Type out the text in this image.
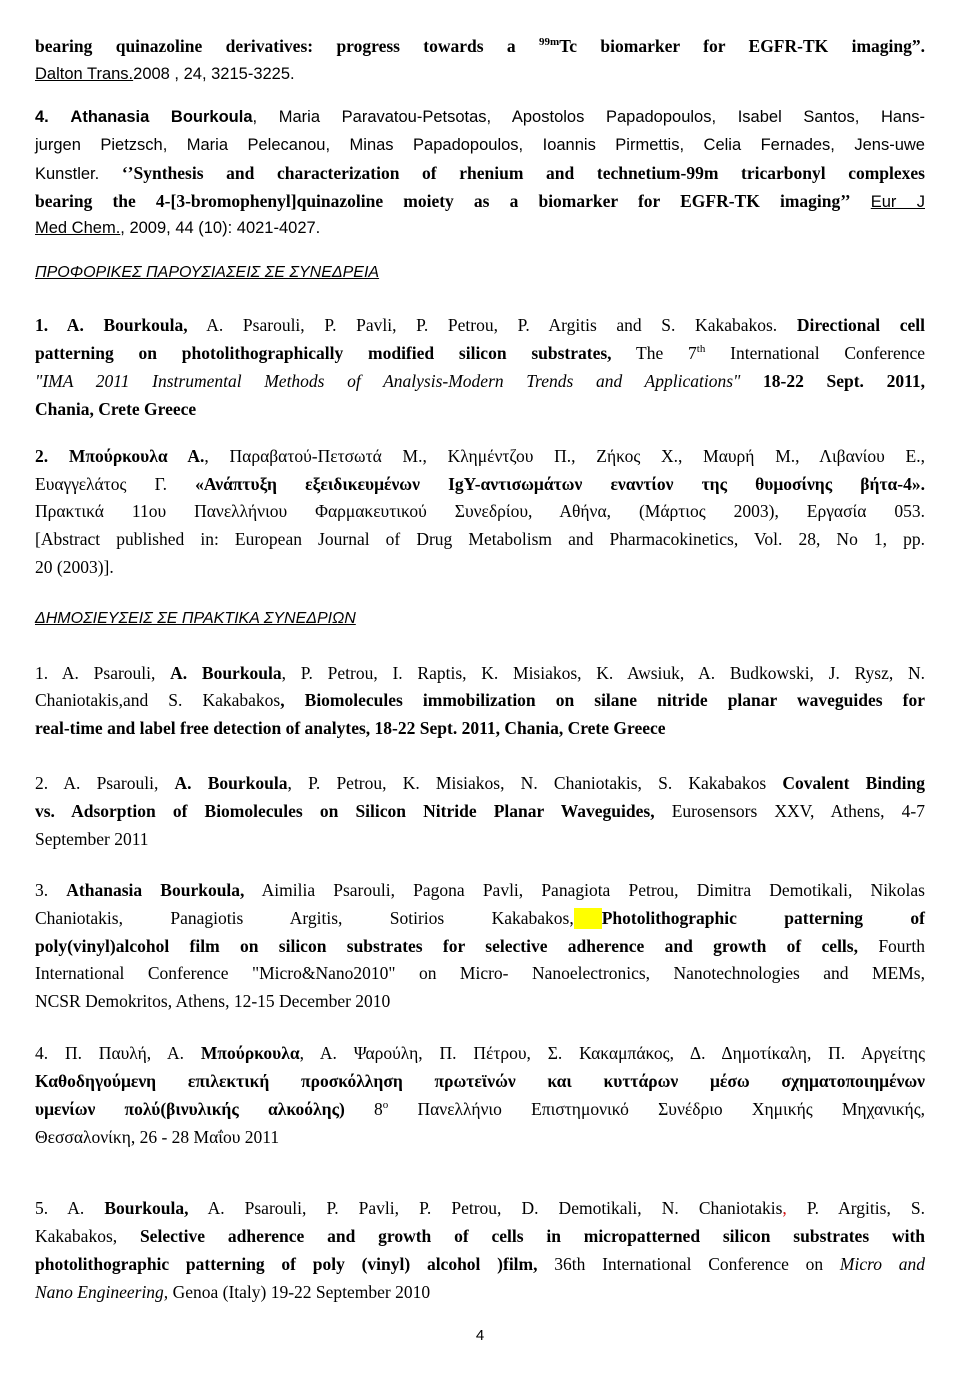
bearing quinazoline derivatives: progress towards a $^{99m}$Tc biomarker for EGFR-TK imaging”.
Dalton Trans.2008 , 24, 3215-3225.
4. Athanasia Bourkoula, Maria Paravatou-Petsotas, Apostolos Papadopoulos, Isabel Santos, Hans-
jurgen Pietzsch, Maria Pelecanou, Minas Papadopoulos, Ioannis Pirmettis, Celia Fernades, Jens-uwe
Kunstler. ‘’Synthesis and characterization of rhenium and technetium-99m tricarbonyl complexes
bearing the 4-[3-bromophenyl]quinazoline moiety as a biomarker for EGFR-TK imaging’’ Eur J
Med Chem., 2009, 44 (10): 4021-4027.
ΠΡΟΦΟΡΙΚΕΣ ΠΑΡΟΥΣΙΑΣΕΙΣ ΣΕ ΣΥΝΕΔΡΕΙΑ
1. A. Bourkoula, A. Psarouli, P. Pavli, P. Petrou, P. Argitis and S. Kakabakos. Directional cell
patterning on photolithographically modified silicon substrates, The 7th International Conference
"IMA 2011 Instrumental Methods of Analysis-Modern Trends and Applications" 18-22 Sept. 2011,
Chania, Crete Greece
2. Μπούρκουλα Α., Παραβατού-Πετσωτά Μ., Κλημέντζου Π., Ζήκος Χ., Μαυρή Μ., Λιβανίου Ε.,
Ευαγγελάτος Γ. «Ανάπτυξη εξειδικευμένων IgY-αντισωμάτων εναντίον της θυμοσίνης βήτα-4».
Πρακτικά 11ου Πανελλήνιου Φαρμακευτικού Συνεδρίου, Αθήνα, (Μάρτιος 2003), Εργασία 053.
[Abstract published in: European Journal of Drug Metabolism and Pharmacokinetics, Vol. 28, No 1, pp.
20 (2003)].
ΔΗΜΟΣΙΕΥΣΕΙΣ ΣΕ ΠΡΑΚΤΙΚΑ ΣΥΝΕΔΡΙΩΝ
1. A. Psarouli, A. Bourkoula, P. Petrou, I. Raptis, K. Misiakos, K. Awsiuk, A. Budkowski, J. Rysz, N.
Chaniotakis,and S. Kakabakos, Biomolecules immobilization on silane nitride planar waveguides for
real-time and label free detection of analytes, 18-22 Sept. 2011, Chania, Crete Greece
2. A. Psarouli, A. Bourkoula, P. Petrou, K. Misiakos, N. Chaniotakis, S. Kakabakos Covalent Binding
vs. Adsorption of Biomolecules on Silicon Nitride Planar Waveguides, Eurosensors XXV, Athens, 4-7
September 2011
3. Athanasia Bourkoula, Aimilia Psarouli, Pagona Pavli, Panagiota Petrou, Dimitra Demotikali, Nikolas
Chaniotakis, Panagiotis Argitis, Sotirios Kakabakos, Photolithographic patterning of
poly(vinyl)alcohol film on silicon substrates for selective adherence and growth of cells, Fourth
International Conference "Micro&Nano2010" on Micro- Nanoelectronics, Nanotechnologies and MEMs,
NCSR Demokritos, Athens, 12-15 December 2010
4. Π. Παυλή, Α. Μπούρκουλα, Α. Ψαρούλη, Π. Πέτρου, Σ. Κακαμπάκος, Δ. Δημοτίκαλη, Π. Αργείτης
Καθοδηγούμενη επιλεκτική προσκόλληση πρωτεϊνών και κυττάρων μέσω σχηματοποιημένων
υμενίων πολύ(βινυλικής αλκοόλης) $8^o$ Πανελλήνιο Επιστημονικό Συνέδριο Χημικής Μηχανικής,
Θεσσαλονίκη, 26 - 28 Μαΐου 2011
5. A. Bourkoula, A. Psarouli, P. Pavli, P. Petrou, D. Demotikali, N. Chaniotakis, P. Argitis, S.
Kakabakos, Selective adherence and growth of cells in micropatterned silicon substrates with
photolithographic patterning of poly (vinyl) alcohol )film, 36th International Conference on Micro and
Nano Engineering, Genoa (Italy) 19-22 September 2010
4
